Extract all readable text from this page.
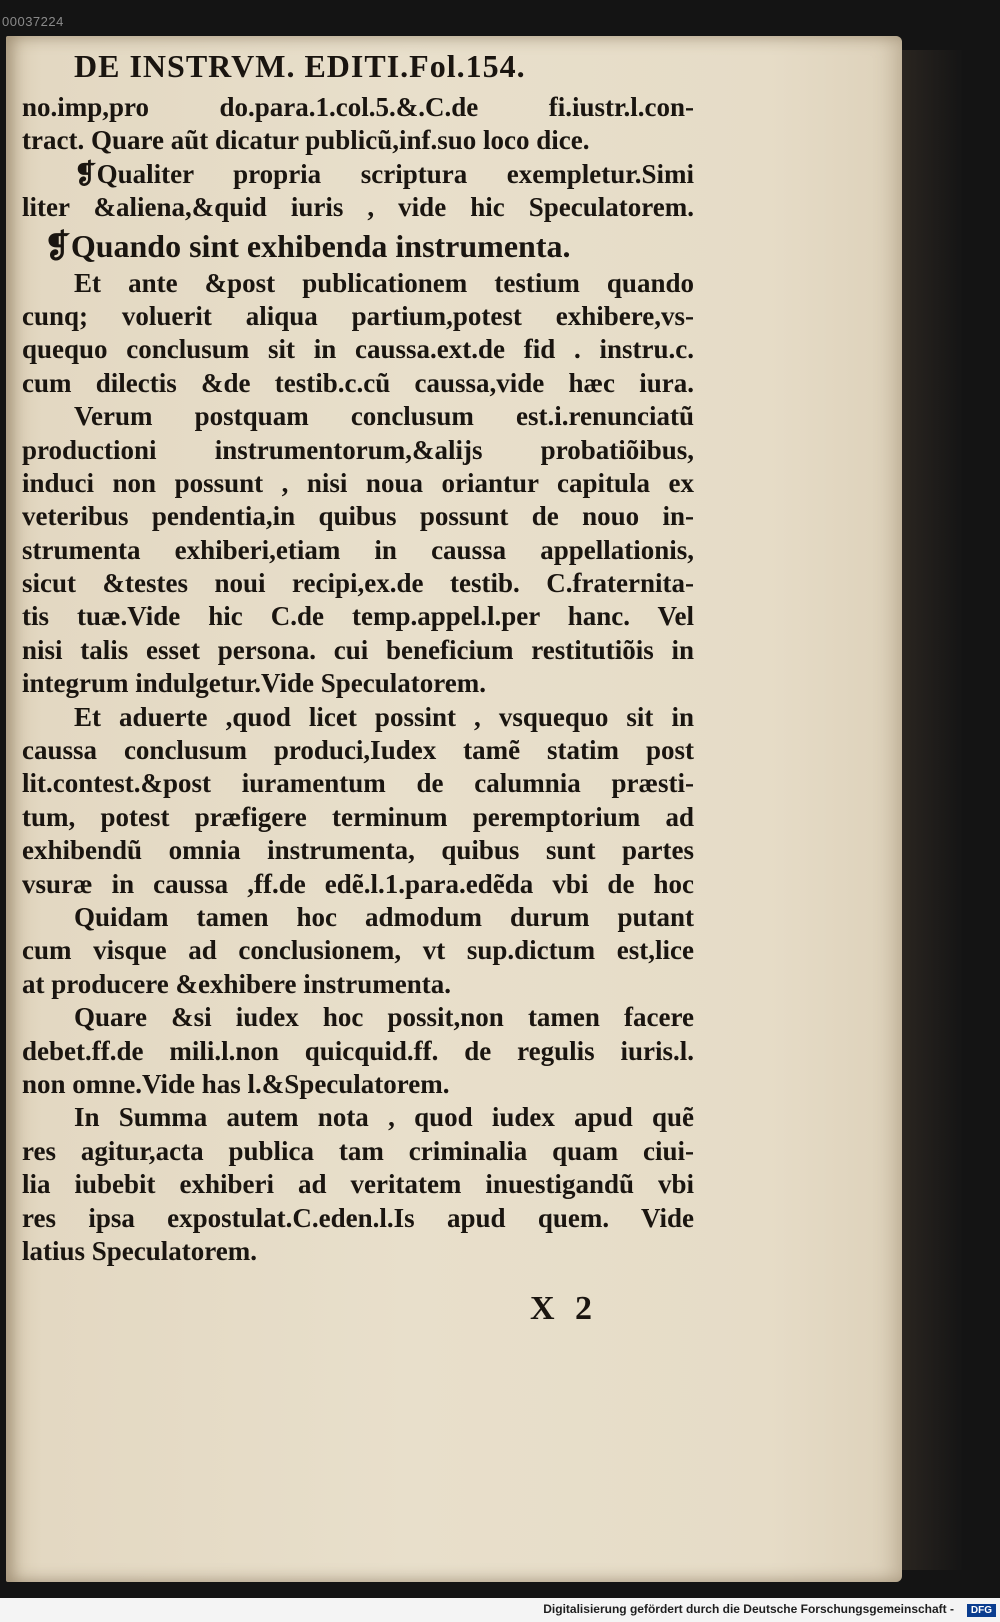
00037224
DE INSTRVM. EDITI.Fol.154.
no.imp,pro do.para.1.col.5.&.C.de fi.iustr.l.con-
tract. Quare aũt dicatur publicũ,inf.suo loco dice.
❡Qualiter propria scriptura exempletur.Simi
liter &aliena,&quid iuris , vide hic Speculatorem.
❡Quando sint exhibenda instrumenta.
Et ante &post publicationem testium quando
cunq; voluerit aliqua partium,potest exhibere,vs-
quequo conclusum sit in caussa.ext.de fid . instru.c.
cum dilectis &de testib.c.cũ caussa,vide hæc iura.
Verum postquam conclusum est.i.renunciatũ
productioni instrumentorum,&alijs probatiõibus,
induci non possunt , nisi noua oriantur capitula ex
veteribus pendentia,in quibus possunt de nouo in-
strumenta exhiberi,etiam in caussa appellationis,
sicut &testes noui recipi,ex.de testib. C.fraternita-
tis tuæ.Vide hic C.de temp.appel.l.per hanc. Vel
nisi talis esset persona. cui beneficium restitutiõis in
integrum indulgetur.Vide Speculatorem.
Et aduerte ,quod licet possint , vsquequo sit in
caussa conclusum produci,Iudex tamẽ statim post
lit.contest.&post iuramentum de calumnia præsti-
tum, potest præfigere terminum peremptorium ad
exhibendũ omnia instrumenta, quibus sunt partes
vsuræ in caussa ,ff.de edẽ.l.1.para.edẽda vbi de hoc
Quidam tamen hoc admodum durum putant
cum visque ad conclusionem, vt sup.dictum est,lice
at producere &exhibere instrumenta.
Quare &si iudex hoc possit,non tamen facere
debet.ff.de mili.l.non quicquid.ff. de regulis iuris.l.
non omne.Vide has l.&Speculatorem.
In Summa autem nota , quod iudex apud quẽ
res agitur,acta publica tam criminalia quam ciui-
lia iubebit exhiberi ad veritatem inuestigandũ vbi
res ipsa expostulat.C.eden.l.Is apud quem. Vide
latius Speculatorem.
X 2
Digitalisierung gefördert durch die Deutsche Forschungsgemeinschaft -	DFG
